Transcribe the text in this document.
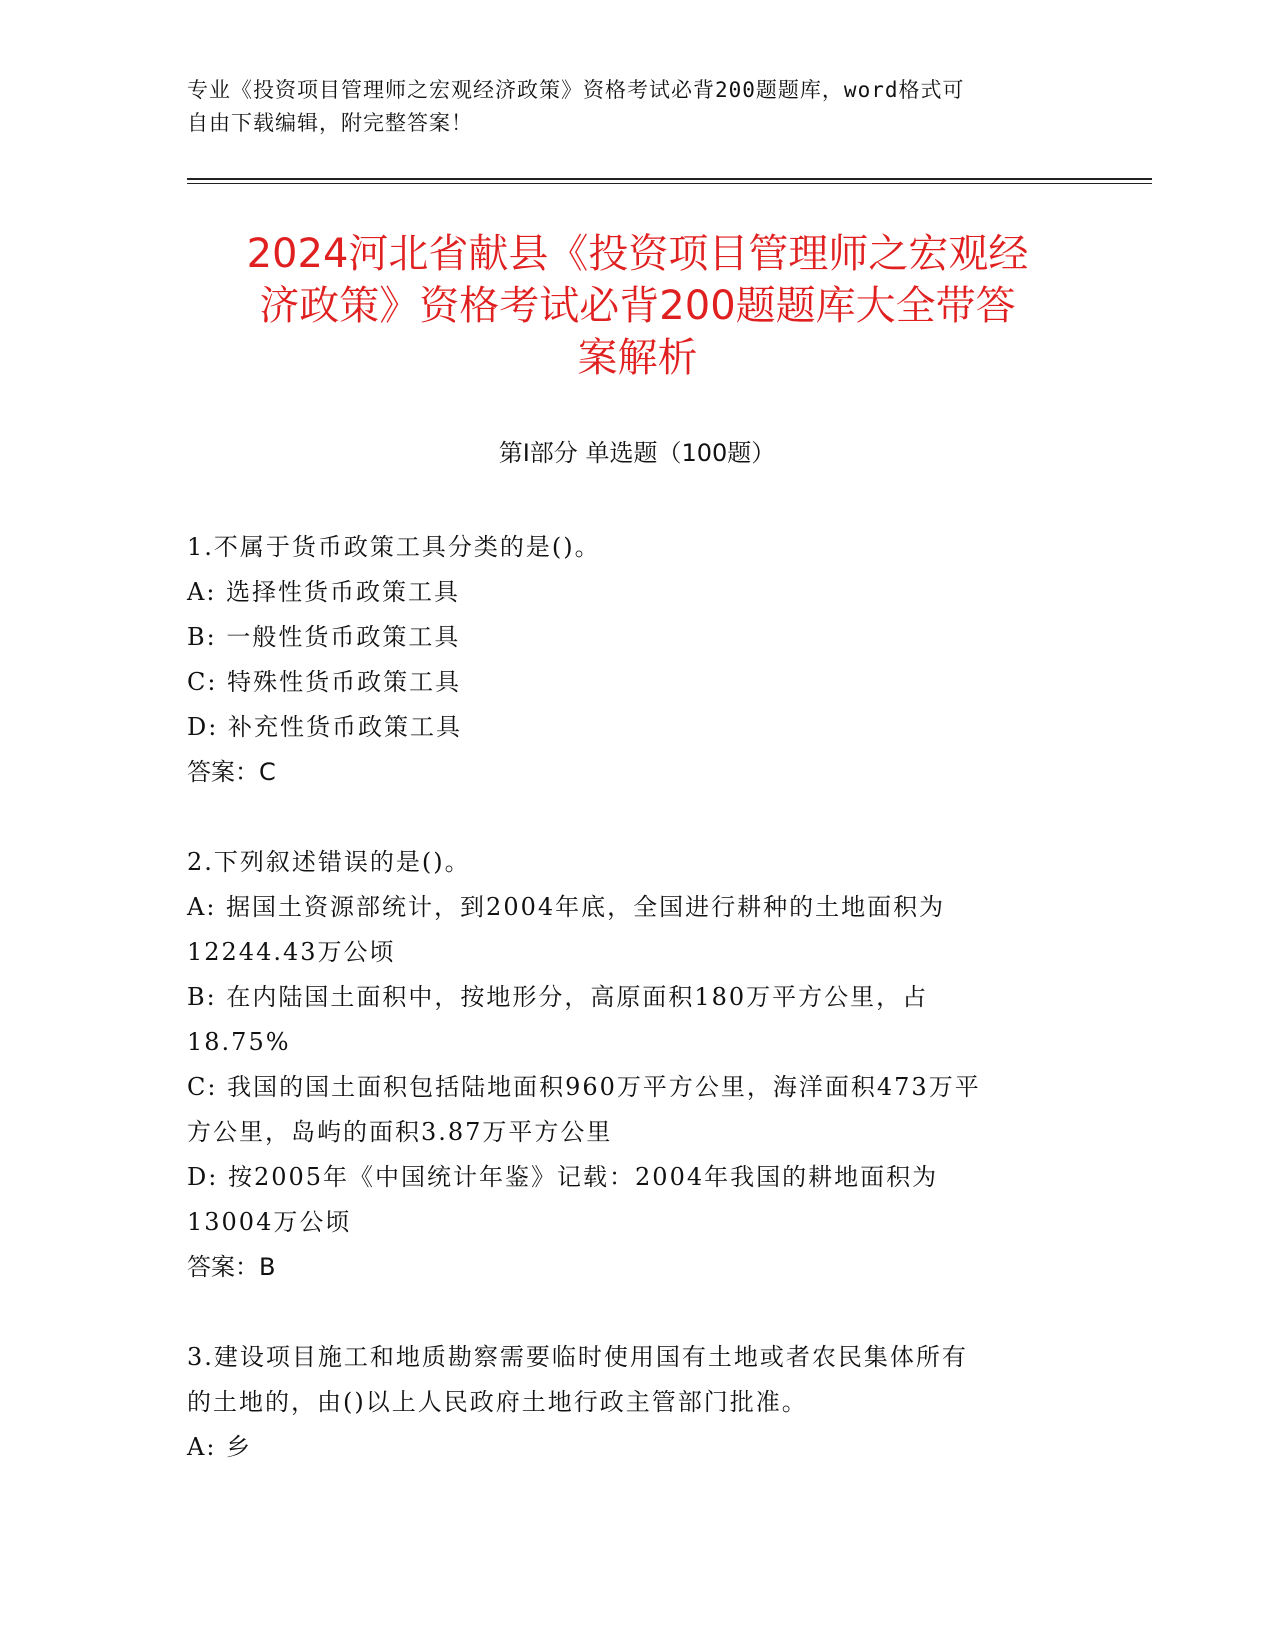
专业《投资项目管理师之宏观经济政策》资格考试必背200题题库，word格式可
自由下载编辑，附完整答案！
2024河北省献县《投资项目管理师之宏观经
济政策》资格考试必背200题题库大全带答
案解析
第Ⅰ部分 单选题（100题）
1.不属于货币政策工具分类的是()。
A: 选择性货币政策工具
B: 一般性货币政策工具
C: 特殊性货币政策工具
D: 补充性货币政策工具
答案：C
2.下列叙述错误的是()。
A: 据国土资源部统计，到2004年底，全国进行耕种的土地面积为
12244.43万公顷
B: 在内陆国土面积中，按地形分，高原面积180万平方公里，占
18.75%
C: 我国的国土面积包括陆地面积960万平方公里，海洋面积473万平
方公里，岛屿的面积3.87万平方公里
D: 按2005年《中国统计年鉴》记载：2004年我国的耕地面积为
13004万公顷
答案：B
3.建设项目施工和地质勘察需要临时使用国有土地或者农民集体所有
的土地的，由()以上人民政府土地行政主管部门批准。
A: 乡
